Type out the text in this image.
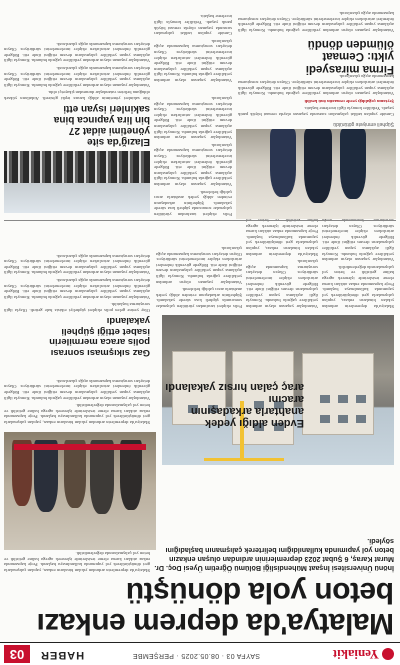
Yeniakit
SAYFA 03 · 08.05.2025 · PERŞEMBE
HABER
03
Malatya'da deprem enkazı
beton yola dönüştü
İnönü Üniversitesi İnşaat Mühendisliği Bölümü Öğretim Üyesi Doç. Dr. Murat Karaş, 6 Şubat 2023 depremlerinin ardından oluşan enkazın beton yol yapımında kullanıldığını belirterek çalışmanın başladığını söyledi.

Malatya'da depremlerin ardından yıkılan binaların enkazı, yapılan çalışmalarla geri dönüştürülerek yol yapımında kullanılmaya başlandı. Proje kapsamında enkaz atıkları kırma eleme tesislerinde işlenerek agrega haline getirildi ve beton yol çalışmalarında değerlendirildi.

Evden aldığı yedek
anahtarla arkadaşının aracını
araç çalan hırsız yakalandı

Malatya'da depremlerin ardından yıkılan binaların enkazı, yapılan çalışmalarla geri dönüştürülerek yol yapımında kullanılmaya başlandı. Proje kapsamında enkaz atıkları kırma eleme tesislerinde işlenerek agrega haline getirildi ve beton yol çalışmalarında değerlendirildi.

Vatandaşlar yaşanan olayın ardından yetkililere çağrıda bulundu. Konuyla ilgili açıklama yapan yetkililer çalışmaların devam ettiğini ifade etti. Bölgede güvenlik önlemleri artırılırken ekipler incelemelerini sürdürüyor. Olayın detayları

Vatandaşlar yaşanan olayın ardından yetkililere çağrıda bulundu. Konuyla ilgili açıklama yapan yetkililer çalışmaların devam ettiğini ifade etti. Bölgede güvenlik önlemleri artırılırken ekipler incelemelerini sürdürüyor. Olayın detayları soruşturma kapsamında açığa çıkarılacak.

Malatya'da depremlerin ardından yıkılan binaların enkazı, yapılan çalışmalarla geri dönüştürülerek yol yapımında kullanılmaya başlandı. Proje kapsamında enkaz atıkları kırma eleme tesislerinde işlenerek agrega

Polis ekipleri tarafından yürütülen çalışmalar sonucunda şüpheli kısa sürede yakalandı. Şüphelinin arkadaşının evinden aldığı yedek anahtarla aracı çaldığı belirlendi.

Vatandaşlar yaşanan olayın ardından yetkililere çağrıda bulundu. Konuyla ilgili açıklama yapan yetkililer çalışmaların devam ettiğini ifade etti. Bölgede güvenlik önlemleri artırılırken ekipler incelemelerini sürdürüyor. Olayın detayları soruşturma kapsamında açığa çıkarılacak.

Malatya'da depremlerin ardından yıkılan binaların enkazı, yapılan çalışmalarla geri dönüştürülerek yol yapımında kullanılmaya başlandı. Proje kapsamında enkaz atıkları kırma eleme tesislerinde işlenerek agrega haline getirildi ve beton yol çalışmalarında değerlendirildi.

Vatandaşlar yaşanan olayın ardından yetkililere çağrıda bulundu. Konuyla ilgili açıklama yapan yetkililer çalışmaların devam ettiğini ifade etti. Bölgede güvenlik önlemleri artırılırken ekipler incelemelerini sürdürüyor. Olayın detayları soruşturma kapsamında açığa çıkarılacak.

Gaz sıkışması sonrası
polis araca mermilerin
isabet ettiği şüpheli
yakalandı

Olay yerine gelen polis ekipleri şüpheliyi etkisiz hale getirdi. Olayla ilgili soruşturma başlatıldı.

Vatandaşlar yaşanan olayın ardından yetkililere çağrıda bulundu. Konuyla ilgili açıklama yapan yetkililer çalışmaların devam ettiğini ifade etti. Bölgede güvenlik önlemleri artırılırken ekipler incelemelerini sürdürüyor. Olayın detayları soruşturma kapsamında açığa çıkarılacak.

Vatandaşlar yaşanan olayın ardından yetkililere çağrıda bulundu. Konuyla ilgili açıklama yapan yetkililer çalışmaların devam ettiğini ifade etti. Bölgede güvenlik önlemleri artırılırken ekipler incelemelerini sürdürüyor. Olayın detayları soruşturma kapsamında açığa çıkarılacak.

Şüpheli emniyete götürüldü

Polis ekipleri tarafından yürütülen çalışmalar sonucunda şüpheli kısa sürede yakalandı. Şüphelinin arkadaşının evinden aldığı yedek anahtarla aracı çaldığı belirlendi.

Vatandaşlar yaşanan olayın ardından yetkililere çağrıda bulundu. Konuyla ilgili açıklama yapan yetkililer çalışmaların devam ettiğini ifade etti. Bölgede güvenlik önlemleri artırılırken ekipler incelemelerini sürdürüyor. Olayın detayları soruşturma kapsamında açığa çıkarılacak.

Vatandaşlar yaşanan olayın ardından yetkililere çağrıda bulundu. Konuyla ilgili açıklama yapan yetkililer çalışmaların devam ettiğini ifade etti. Bölgede güvenlik önlemleri artırılırken ekipler incelemelerini sürdürüyor. Olayın detayları soruşturma kapsamında açığa çıkarılacak.

Elazığ'da site
yönetimi aidat 27
bin lira yapınca bina
sakinleri isyan etti

Site sakinleri yönetimin aldığı karara tepki gösterdi. Aidatların yüksek olduğunu belirten vatandaşlar durumdan şikayetçi oldu.

Vatandaşlar yaşanan olayın ardından yetkililere çağrıda bulundu. Konuyla ilgili açıklama yapan yetkililer çalışmaların devam ettiğini ifade etti. Bölgede güvenlik önlemleri artırılırken ekipler incelemelerini sürdürüyor. Olayın detayları soruşturma kapsamında açığa çıkarılacak.

Vatandaşlar yaşanan olayın ardından yetkililere çağrıda bulundu. Konuyla ilgili açıklama yapan yetkililer çalışmaların devam ettiğini ifade etti. Bölgede güvenlik önlemleri artırılırken ekipler incelemelerini sürdürüyor. Olayın detayları soruşturma kapsamında açığa çıkarılacak.

Firma mirasyedi
yıktı: Cemaat
ölümden döndü

Camide yapılan tadilat çalışmaları sırasında yaşanan olayda cemaat büyük panik yaşadı. Yetkililer konuyla ilgili inceleme başlattı.

Şeytanın çoğaldığı yerde cemaatin önü kesildi

Vatandaşlar yaşanan olayın ardından yetkililere çağrıda bulundu. Konuyla ilgili açıklama yapan yetkililer çalışmaların devam ettiğini ifade etti. Bölgede güvenlik önlemleri artırılırken ekipler incelemelerini sürdürüyor. Olayın detayları soruşturma kapsamında açığa çıkarılacak.

Vatandaşlar yaşanan olayın ardından yetkililere çağrıda bulundu. Konuyla ilgili açıklama yapan yetkililer çalışmaların devam ettiğini ifade etti. Bölgede güvenlik önlemleri artırılırken ekipler incelemelerini sürdürüyor. Olayın detayları soruşturma kapsamında açığa çıkarılacak.

Camide yapılan tadilat çalışmaları sırasında yaşanan olayda cemaat büyük panik yaşadı. Yetkililer konuyla ilgili inceleme başlattı.

Vatandaşlar yaşanan olayın ardından yetkililere çağrıda bulundu. Konuyla ilgili açıklama yapan yetkililer çalışmaların devam ettiğini ifade etti. Bölgede güvenlik önlemleri artırılırken ekipler incelemelerini sürdürüyor. Olayın detayları soruşturma kapsamında açığa çıkarılacak.
